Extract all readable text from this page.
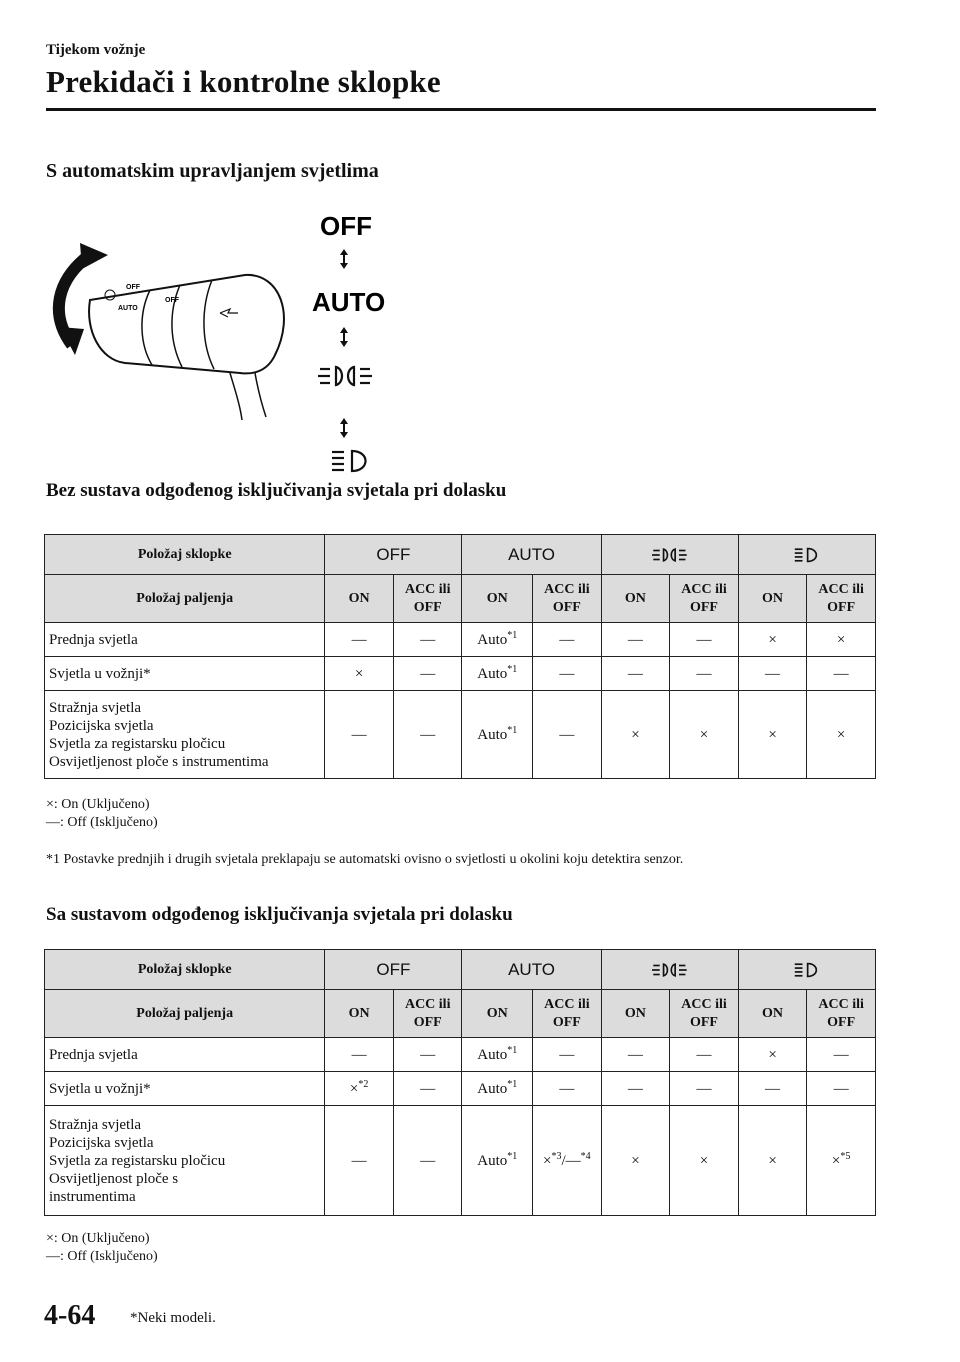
Tijekom vožnje
Prekidači i kontrolne sklopke
S automatskim upravljanjem svjetlima
OFF
AUTO
OFF
OFF
AUTO
Bez sustava odgođenog isključivanja svjetala pri dolasku
Položaj sklopke	OFF		AUTO	

Položaj paljenja	ON	ACC ili OFF	ON	ACC ili OFF	ON	ACC ili OFF	ON	ACC ili OFF
Prednja svjetla	—	—	Auto$^{*1}$	—	—	—	×	×
Svjetla u vožnji*	×	—	Auto$^{*1}$	—	—	—	—	—

Stražnja svjetla
Pozicijska svjetla
Svjetla za registarsku pločicu
Osvijetljenost ploče s instrumentima	—	—	Auto$^{*1}$	—	×	×	×	×
×: On (Uključeno)
—: Off (Isključeno)
*1 Postavke prednjih i drugih svjetala preklapaju se automatski ovisno o svjetlosti u okolini koju detektira senzor.
Sa sustavom odgođenog isključivanja svjetala pri dolasku
Položaj sklopke	OFF		AUTO	

Položaj paljenja	ON	ACC ili OFF	ON	ACC ili OFF	ON	ACC ili OFF	ON	ACC ili OFF
Prednja svjetla	—	—	Auto$^{*1}$	—	—	—	×	—
Svjetla u vožnji*	×$^{*2}$	—	Auto$^{*1}$	—	—	—	—	—

Stražnja svjetla
Pozicijska svjetla
Svjetla za registarsku pločicu
Osvijetljenost ploče s
instrumentima	—	—	Auto$^{*1}$	×$^{*3}$/—$^{*4}$	×	×	×	×$^{*5}$
×: On (Uključeno)
—: Off (Isključeno)
4-64 *Neki modeli.
